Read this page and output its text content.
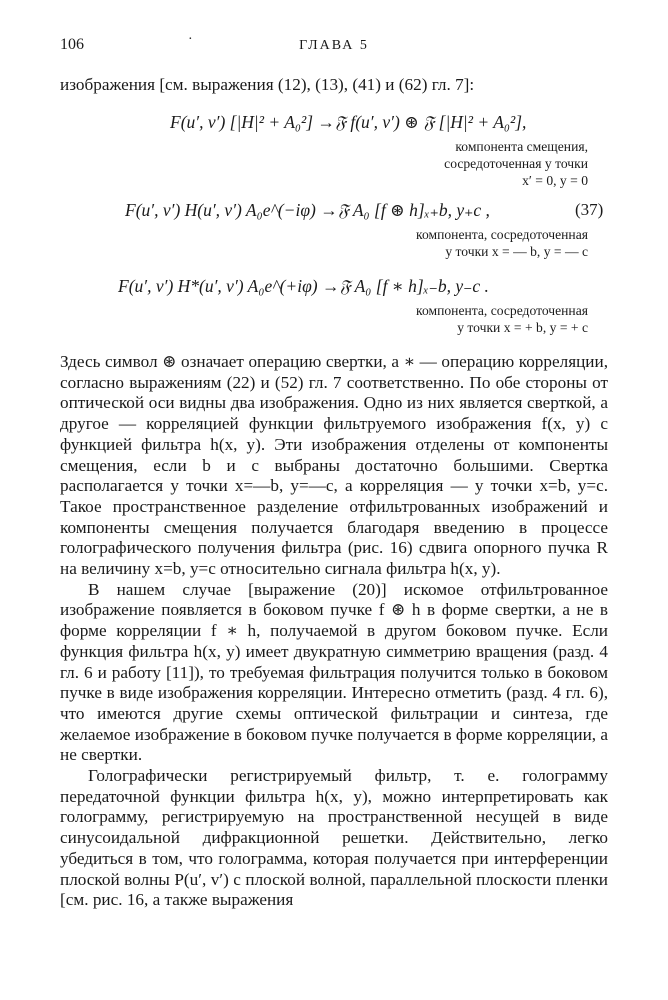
106	·	ГЛАВА 5
изображения [см. выражения (12), (13), (41) и (62) гл. 7]:
F(u′, v′) [|H|² + A₀²] →𝔉 f(u′, v′) ⊛ 𝔉 [|H|² + A₀²],
компонента смещения,
сосредоточенная у точки
x′ = 0, y = 0
F(u′, v′) H(u′, v′) A₀e^(−iφ) →𝔉 A₀ [f ⊛ h]ₓ₊b, y₊c ,	(37)
компонента, сосредоточенная
у точки x = — b, y = — c
F(u′, v′) H*(u′, v′) A₀e^(+iφ) →𝔉 A₀ [f ∗ h]ₓ₋b, y₋c .
компонента, сосредоточенная
у точки x = + b, y = + c

Здесь символ ⊛ означает операцию свертки, а ∗ — операцию корреляции, согласно выражениям (22) и (52) гл. 7 соответственно. По обе стороны от оптической оси видны два изображения. Одно из них является сверткой, а другое — корреляцией функции фильтруемого изображения f(x, y) с функцией фильтра h(x, y). Эти изображения отделены от компоненты смещения, если b и c выбраны достаточно большими. Свертка располагается у точки x=—b, y=—c, а корреляция — у точки x=b, y=c. Такое пространственное разделение отфильтрованных изображений и компоненты смещения получается благодаря введению в процессе голографического получения фильтра (рис. 16) сдвига опорного пучка R на величину x=b, y=c относительно сигнала фильтра h(x, y).

В нашем случае [выражение (20)] искомое отфильтрованное изображение появляется в боковом пучке f ⊛ h в форме свертки, а не в форме корреляции f ∗ h, получаемой в другом боковом пучке. Если функция фильтра h(x, y) имеет двукратную симметрию вращения (разд. 4 гл. 6 и работу [11]), то требуемая фильтрация получится только в боковом пучке в виде изображения корреляции. Интересно отметить (разд. 4 гл. 6), что имеются другие схемы оптической фильтрации и синтеза, где желаемое изображение в боковом пучке получается в форме корреляции, а не свертки.

Голографически регистрируемый фильтр, т. е. голограмму передаточной функции фильтра h(x, y), можно интерпретировать как голограмму, регистрируемую на пространственной несущей в виде синусоидальной дифракционной решетки. Действительно, легко убедиться в том, что голограмма, которая получается при интерференции плоской волны P(u′, v′) с плоской волной, параллельной плоскости пленки [см. рис. 16, а также выражения
